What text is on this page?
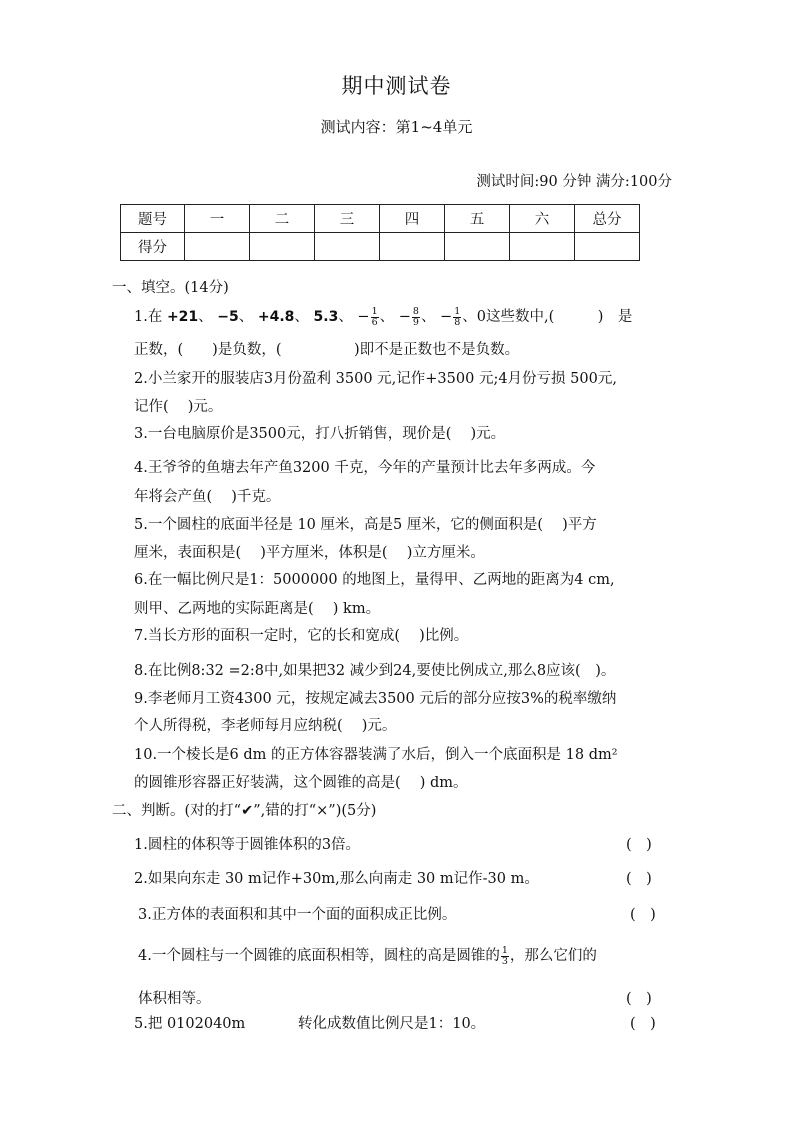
期中测试卷
测试内容：第1~4单元
测试时间:90 分钟 满分:100分
题号	一	二	三	四	五	六	总分
得分							
一、填空。(14分)
1.在 +21、 −5、 +4.8、 5.3、 − $\frac{1}{6}$ 、 − $\frac{8}{9}$ 、 − $\frac{1}{8}$ 、0这些数中,(　　　)　是
正数，(　　)是负数，(　　　　　)即不是正数也不是负数。
2.小兰家开的服装店3月份盈利 3500 元,记作+3500 元;4月份亏损 500元,
记作(　 )元。
3.一台电脑原价是3500元，打八折销售，现价是(　 )元。
4.王爷爷的鱼塘去年产鱼3200 千克，今年的产量预计比去年多两成。今
年将会产鱼(　 )千克。
5.一个圆柱的底面半径是 10 厘米，高是5 厘米，它的侧面积是(　 )平方
厘米，表面积是(　 )平方厘米，体积是(　 )立方厘米。
6.在一幅比例尺是1：5000000 的地图上，量得甲、乙两地的距离为4 cm,
则甲、乙两地的实际距离是(　 ) km。
7.当长方形的面积一定时，它的长和宽成(　 )比例。
8.在比例8:32 =2:8中,如果把32 减少到24,要使比例成立,那么8应该(　)。
9.李老师月工资4300 元，按规定减去3500 元后的部分应按3%的税率缴纳
个人所得税，李老师每月应纳税(　 )元。
10.一个棱长是6 dm 的正方体容器装满了水后，倒入一个底面积是 18 dm²
的圆锥形容器正好装满，这个圆锥的高是(　 ) dm。
二、判断。(对的打“✔”,错的打“×”)(5分)
1.圆柱的体积等于圆锥体积的3倍。	(　)
2.如果向东走 30 m记作+30m,那么向南走 30 m记作-30 m。	(　)
3.正方体的表面积和其中一个面的面积成正比例。	(　)
4.一个圆柱与一个圆锥的底面积相等，圆柱的高是圆锥的 $\frac{1}{3}$ ，那么它们的
体积相等。	(　)
5.把 0102040m	转化成数值比例尺是1：10。	(　)
